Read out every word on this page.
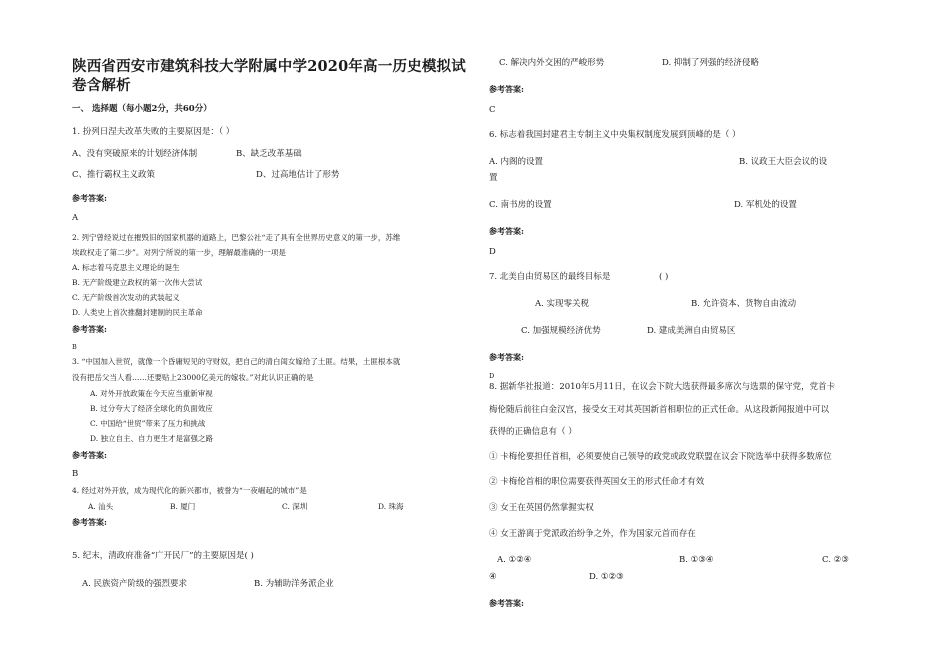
陕西省西安市建筑科技大学附属中学2020年高一历史模拟试
卷含解析
一、 选择题（每小题2分，共60分）
1. 扮列日涅夫改革失败的主要原因是：（ ）
A、没有突破原来的计划经济体制	B、缺乏改革基础
C、推行霸权主义政策	D、过高地估计了形势
参考答案:
A
2. 列宁曾经说过在摧毁旧的国家机器的道路上，巴黎公社“走了具有全世界历史意义的第一步，苏维
埃政权走了第二步”。对列宁所说的第一步，理解最准确的一项是
A. 标志着马克思主义理论的诞生
B. 无产阶级建立政权的第一次伟大尝试
C. 无产阶级首次发动的武装起义
D. 人类史上首次推翻封建制的民主革命
参考答案:
B
3. “中国加入世贸，就像一个昏庸短见的守财奴，把自己的清白闺女嫁给了土匪。结果，土匪根本就
没有把岳父当人看……还要贴上23000亿美元的嫁妆。”对此认识正确的是
A. 对外开放政策在今天应当重新审视
B. 过分夸大了经济全球化的负面效应
C. 中国给“世贸”带来了压力和挑战
D. 独立自主、自力更生才是富强之路
参考答案:
B
4. 经过对外开放，成为现代化的新兴都市，被誉为“一夜崛起的城市”是
A. 汕头	B. 厦门	C. 深圳	D. 珠海
参考答案:
5. 纪末，清政府准备“广开民厂”的主要原因是( )
A. 民族资产阶级的强烈要求	B. 为辅助洋务派企业
C. 解决内外交困的严峻形势	D. 抑制了列强的经济侵略
参考答案:
C
6. 标志着我国封建君主专制主义中央集权制度发展到顶峰的是（ ）
A. 内阁的设置	B. 议政王大臣会议的设
置
C. 南书房的设置	D. 军机处的设置
参考答案:
D
7. 北美自由贸易区的最终目标是	( )
A. 实现零关税	B. 允许资本、货物自由流动
C. 加强规模经济优势	D. 建成美洲自由贸易区
参考答案:
D
8. 据新华社报道：2010年5月11日，在议会下院大选获得最多席次与选票的保守党，党首卡
梅伦随后前往白金汉宫，接受女王对其英国新首相职位的正式任命。从这段新闻报道中可以
获得的正确信息有（ ）
① 卡梅伦要担任首相，必须要使自己领导的政党或政党联盟在议会下院选举中获得多数席位
② 卡梅伦首相的职位需要获得英国女王的形式任命才有效
③ 女王在英国仍然掌握实权
④ 女王游离于党派政治纷争之外，作为国家元首而存在
A. ①②④	B. ①③④	C. ②③
④	D. ①②③
参考答案:
